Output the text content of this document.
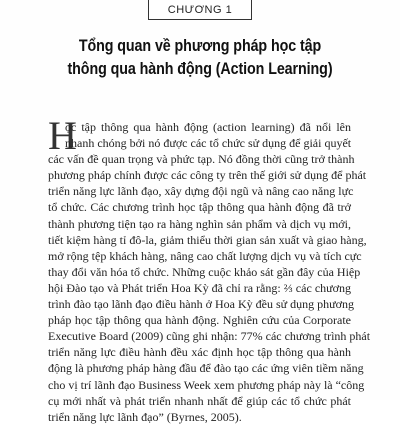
CHƯƠNG 1
Tổng quan về phương pháp học tập
thông qua hành động (Action Learning)
H
ọc tập thông qua hành động (action learning) đã nổi lên
nhanh chóng bởi nó được các tổ chức sử dụng để giải quyết
các vấn đề quan trọng và phức tạp. Nó đồng thời cũng trở thành
phương pháp chính được các công ty trên thế giới sử dụng để phát
triển năng lực lãnh đạo, xây dựng đội ngũ và nâng cao năng lực
tổ chức. Các chương trình học tập thông qua hành động đã trở
thành phương tiện tạo ra hàng nghìn sản phẩm và dịch vụ mới,
tiết kiệm hàng tỉ đô-la, giảm thiểu thời gian sản xuất và giao hàng,
mở rộng tệp khách hàng, nâng cao chất lượng dịch vụ và tích cực
thay đổi văn hóa tổ chức. Những cuộc khảo sát gần đây của Hiệp
hội Đào tạo và Phát triển Hoa Kỳ đã chỉ ra rằng: ⅔ các chương
trình đào tạo lãnh đạo điều hành ở Hoa Kỳ đều sử dụng phương
pháp học tập thông qua hành động. Nghiên cứu của Corporate
Executive Board (2009) cũng ghi nhận: 77% các chương trình phát
triển năng lực điều hành đều xác định học tập thông qua hành
động là phương pháp hàng đầu để đào tạo các ứng viên tiềm năng
cho vị trí lãnh đạo Business Week xem phương pháp này là “công
cụ mới nhất và phát triển nhanh nhất để giúp các tổ chức phát
triển năng lực lãnh đạo” (Byrnes, 2005).
